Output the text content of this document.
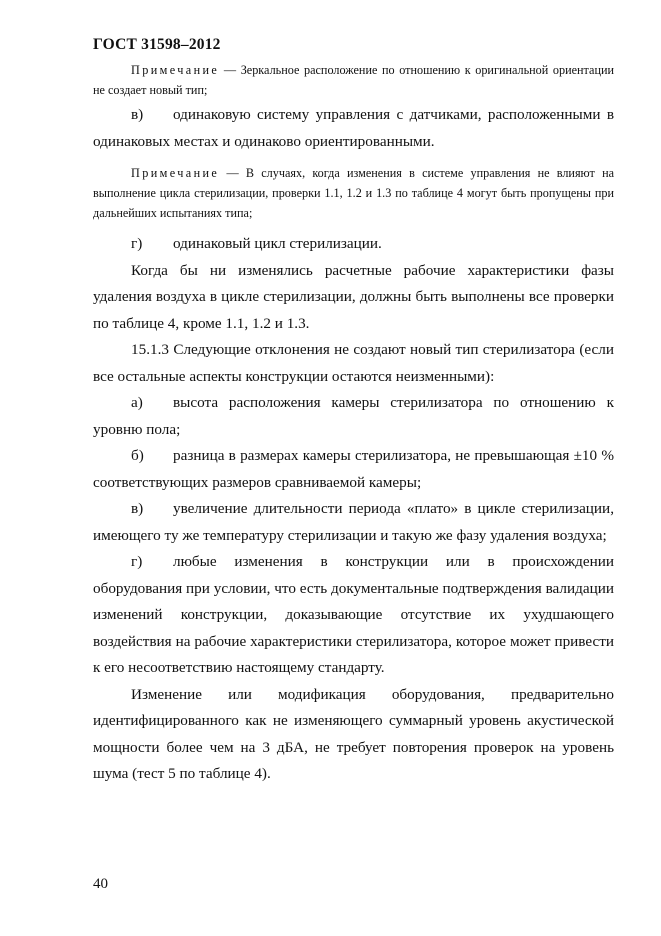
ГОСТ 31598–2012

Примечание — Зеркальное расположение по отношению к оригинальной ориентации не создает новый тип;

в) одинаковую систему управления с датчиками, расположенными в одинаковых местах и одинаково ориентированными.

Примечание — В случаях, когда изменения в системе управления не влияют на выполнение цикла стерилизации, проверки 1.1, 1.2 и 1.3 по таблице 4 могут быть пропущены при дальнейших испытаниях типа;

г) одинаковый цикл стерилизации.

Когда бы ни изменялись расчетные рабочие характеристики фазы удаления воздуха в цикле стерилизации, должны быть выполнены все проверки по таблице 4, кроме 1.1, 1.2 и 1.3.

15.1.3 Следующие отклонения не создают новый тип стерилизатора (если все остальные аспекты конструкции остаются неизменными):

а) высота расположения камеры стерилизатора по отношению к уровню пола;

б) разница в размерах камеры стерилизатора, не превышающая ±10 % соответствующих размеров сравниваемой камеры;

в) увеличение длительности периода «плато» в цикле стерилизации, имеющего ту же температуру стерилизации и такую же фазу удаления воздуха;

г) любые изменения в конструкции или в происхождении оборудования при условии, что есть документальные подтверждения валидации изменений конструкции, доказывающие отсутствие их ухудшающего воздействия на рабочие характеристики стерилизатора, которое может привести к его несоответствию настоящему стандарту.

Изменение или модификация оборудования, предварительно идентифицированного как не изменяющего суммарный уровень акустической мощности более чем на 3 дБА, не требует повторения проверок на уровень шума (тест 5 по таблице 4).

40
